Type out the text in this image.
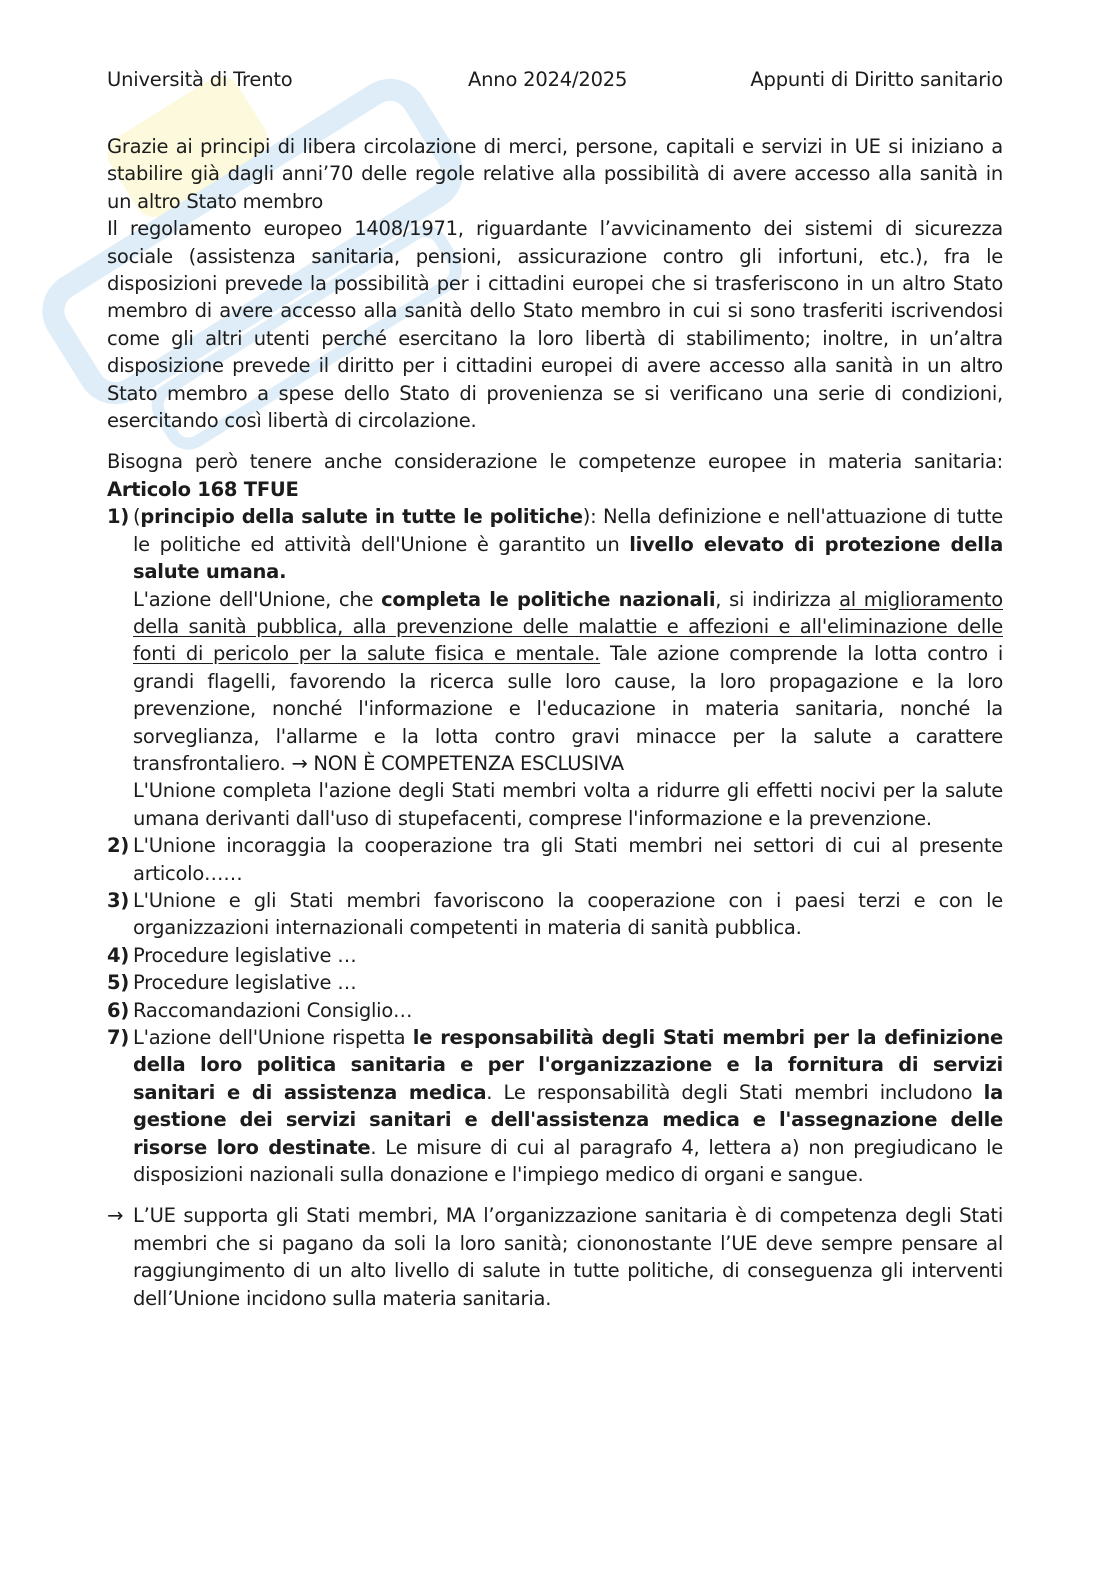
Università di Trento	Anno 2024/2025	Appunti di Diritto sanitario

Grazie ai principi di libera circolazione di merci, persone, capitali e servizi in UE si iniziano a stabilire già dagli anni’70 delle regole relative alla possibilità di avere accesso alla sanità in un altro Stato membro

Il regolamento europeo 1408/1971, riguardante l’avvicinamento dei sistemi di sicurezza sociale (assistenza sanitaria, pensioni, assicurazione contro gli infortuni, etc.), fra le disposizioni prevede la possibilità per i cittadini europei che si trasferiscono in un altro Stato membro di avere accesso alla sanità dello Stato membro in cui si sono trasferiti iscrivendosi come gli altri utenti perché esercitano la loro libertà di stabilimento; inoltre, in un’altra disposizione prevede il diritto per i cittadini europei di avere accesso alla sanità in un altro Stato membro a spese dello Stato di provenienza se si verificano una serie di condizioni, esercitando così libertà di circolazione.

Bisogna però tenere anche considerazione le competenze europee in materia sanitaria: Articolo 168 TFUE

1) (principio della salute in tutte le politiche): Nella definizione e nell'attuazione di tutte le politiche ed attività dell'Unione è garantito un livello elevato di protezione della salute umana.

L'azione dell'Unione, che completa le politiche nazionali, si indirizza al miglioramento della sanità pubblica, alla prevenzione delle malattie e affezioni e all'eliminazione delle fonti di pericolo per la salute fisica e mentale. Tale azione comprende la lotta contro i grandi flagelli, favorendo la ricerca sulle loro cause, la loro propagazione e la loro prevenzione, nonché l'informazione e l'educazione in materia sanitaria, nonché la sorveglianza, l'allarme e la lotta contro gravi minacce per la salute a carattere transfrontaliero. → NON È COMPETENZA ESCLUSIVA

L'Unione completa l'azione degli Stati membri volta a ridurre gli effetti nocivi per la salute umana derivanti dall'uso di stupefacenti, comprese l'informazione e la prevenzione.

2) L'Unione incoraggia la cooperazione tra gli Stati membri nei settori di cui al presente articolo……

3) L'Unione e gli Stati membri favoriscono la cooperazione con i paesi terzi e con le organizzazioni internazionali competenti in materia di sanità pubblica.

4) Procedure legislative …

5) Procedure legislative …

6) Raccomandazioni Consiglio…

7) L'azione dell'Unione rispetta le responsabilità degli Stati membri per la definizione della loro politica sanitaria e per l'organizzazione e la fornitura di servizi sanitari e di assistenza medica. Le responsabilità degli Stati membri includono la gestione dei servizi sanitari e dell'assistenza medica e l'assegnazione delle risorse loro destinate. Le misure di cui al paragrafo 4, lettera a) non pregiudicano le disposizioni nazionali sulla donazione e l'impiego medico di organi e sangue.

→ L’UE supporta gli Stati membri, MA l’organizzazione sanitaria è di competenza degli Stati membri che si pagano da soli la loro sanità; ciononostante l’UE deve sempre pensare al raggiungimento di un alto livello di salute in tutte politiche, di conseguenza gli interventi dell’Unione incidono sulla materia sanitaria.
